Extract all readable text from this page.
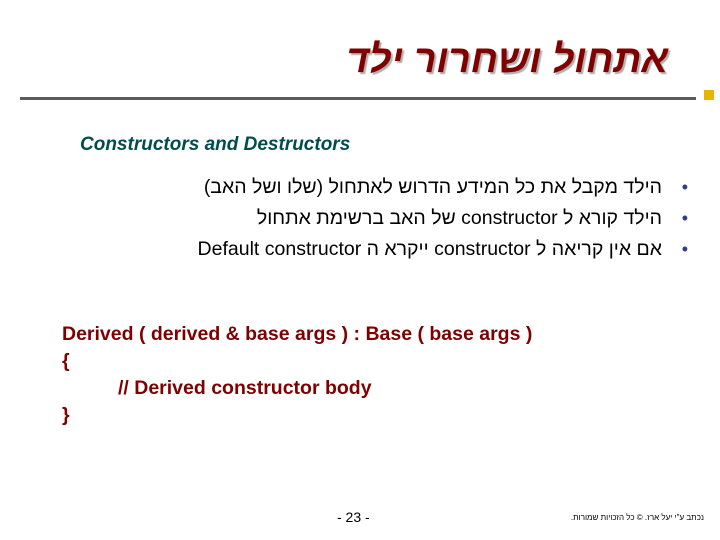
אתחול ושחרור ילד
Constructors and Destructors
•
הילד מקבל את כל המידע הדרוש לאתחול (שלו ושל האב)
•
הילד קורא ל constructor של האב ברשימת אתחול
•
אם אין קריאה ל constructor ייקרא ה Default constructor
Derived ( derived & base args ) : Base ( base args )
{
// Derived constructor body
}
- 23 -	נכתב ע"י יעל ארז. © כל הזכויות שמורות.
